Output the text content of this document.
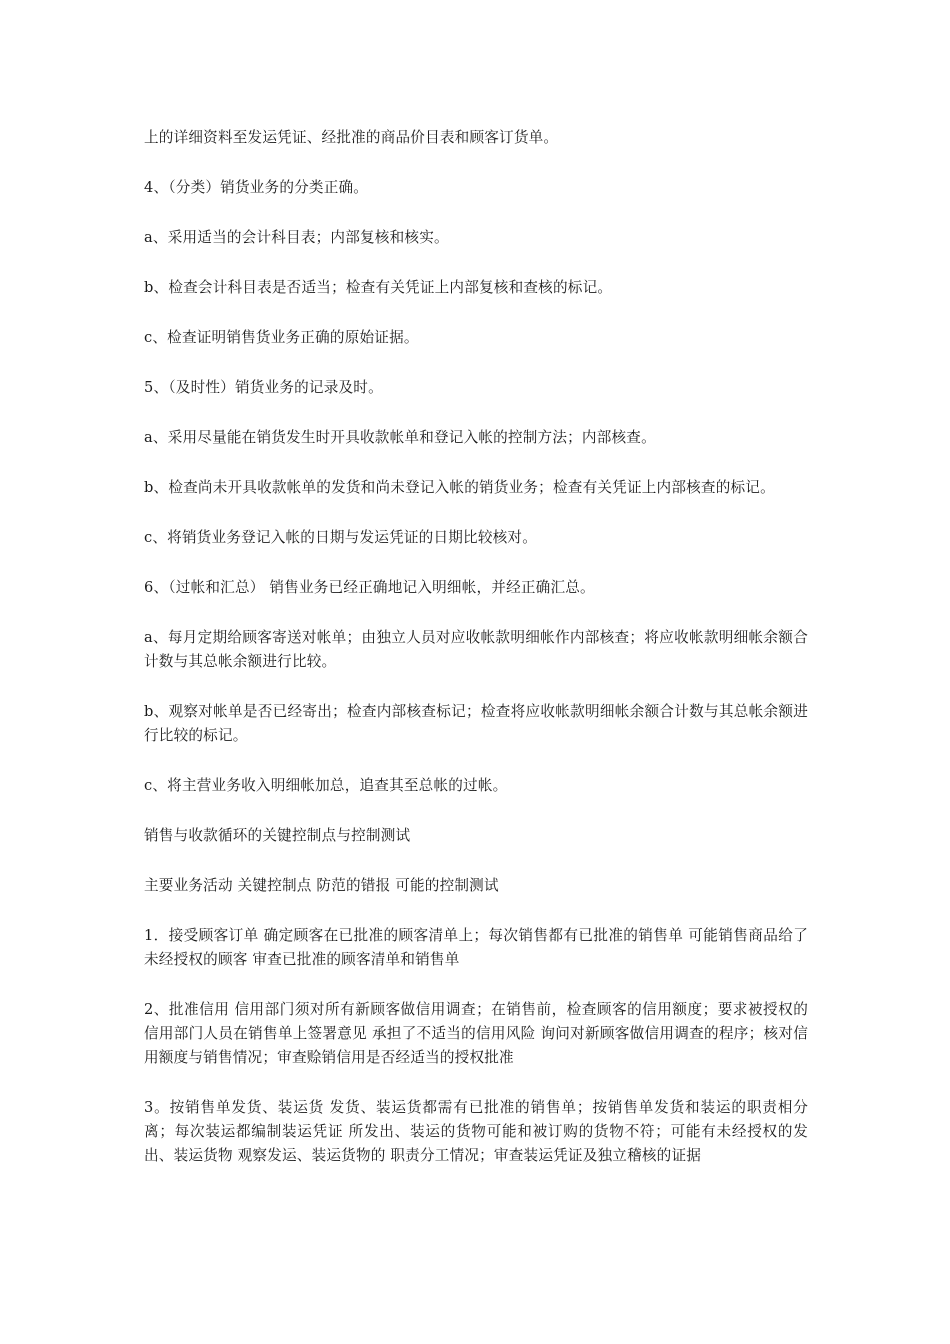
上的详细资料至发运凭证、经批准的商品价目表和顾客订货单。

4、（分类）销货业务的分类正确。

a、采用适当的会计科目表；内部复核和核实。

b、检查会计科目表是否适当；检查有关凭证上内部复核和查核的标记。

c、检查证明销售货业务正确的原始证据。

5、（及时性）销货业务的记录及时。

a、采用尽量能在销货发生时开具收款帐单和登记入帐的控制方法；内部核查。

b、检查尚未开具收款帐单的发货和尚未登记入帐的销货业务；检查有关凭证上内部核查的标记。

c、将销货业务登记入帐的日期与发运凭证的日期比较核对。

6、（过帐和汇总） 销售业务已经正确地记入明细帐，并经正确汇总。

a、每月定期给顾客寄送对帐单；由独立人员对应收帐款明细帐作内部核查；将应收帐款明细帐余额合计数与其总帐余额进行比较。

b、观察对帐单是否已经寄出；检查内部核查标记；检查将应收帐款明细帐余额合计数与其总帐余额进行比较的标记。

c、将主营业务收入明细帐加总，追查其至总帐的过帐。

销售与收款循环的关键控制点与控制测试

主要业务活动 关键控制点 防范的错报 可能的控制测试

1．接受顾客订单 确定顾客在已批准的顾客清单上；每次销售都有已批准的销售单 可能销售商品给了未经授权的顾客 审查已批准的顾客清单和销售单

2、批准信用 信用部门须对所有新顾客做信用调查；在销售前，检查顾客的信用额度；要求被授权的信用部门人员在销售单上签署意见 承担了不适当的信用风险 询问对新顾客做信用调查的程序；核对信用额度与销售情况；审查赊销信用是否经适当的授权批准

3。按销售单发货、装运货 发货、装运货都需有已批准的销售单；按销售单发货和装运的职责相分离；每次装运都编制装运凭证 所发出、装运的货物可能和被订购的货物不符；可能有未经授权的发出、装运货物 观察发运、装运货物的 职责分工情况；审查装运凭证及独立稽核的证据
